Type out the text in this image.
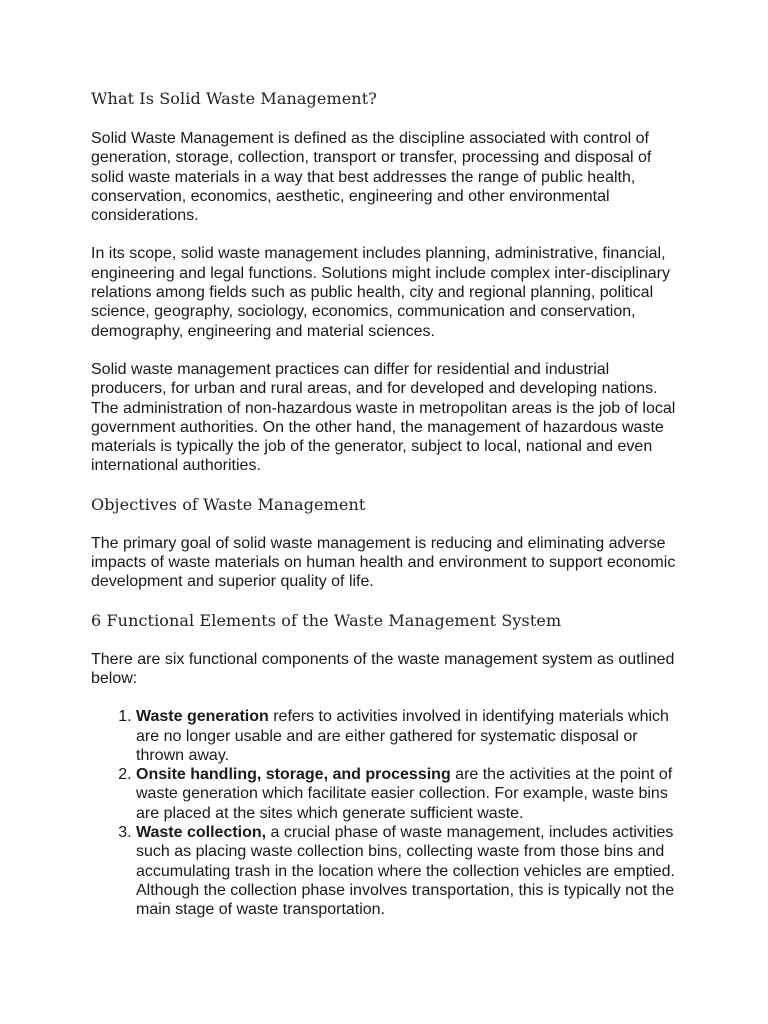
What Is Solid Waste Management?

Solid Waste Management is defined as the discipline associated with control of generation, storage, collection, transport or transfer, processing and disposal of solid waste materials in a way that best addresses the range of public health, conservation, economics, aesthetic, engineering and other environmental considerations.

In its scope, solid waste management includes planning, administrative, financial, engineering and legal functions. Solutions might include complex inter-disciplinary relations among fields such as public health, city and regional planning, political science, geography, sociology, economics, communication and conservation, demography, engineering and material sciences.

Solid waste management practices can differ for residential and industrial producers, for urban and rural areas, and for developed and developing nations. The administration of non-hazardous waste in metropolitan areas is the job of local government authorities. On the other hand, the management of hazardous waste materials is typically the job of the generator, subject to local, national and even international authorities.

Objectives of Waste Management

The primary goal of solid waste management is reducing and eliminating adverse impacts of waste materials on human health and environment to support economic development and superior quality of life.

6 Functional Elements of the Waste Management System

There are six functional components of the waste management system as outlined below:

1. Waste generation refers to activities involved in identifying materials which are no longer usable and are either gathered for systematic disposal or thrown away.
2. Onsite handling, storage, and processing are the activities at the point of waste generation which facilitate easier collection. For example, waste bins are placed at the sites which generate sufficient waste.
3. Waste collection, a crucial phase of waste management, includes activities such as placing waste collection bins, collecting waste from those bins and accumulating trash in the location where the collection vehicles are emptied. Although the collection phase involves transportation, this is typically not the main stage of waste transportation.
